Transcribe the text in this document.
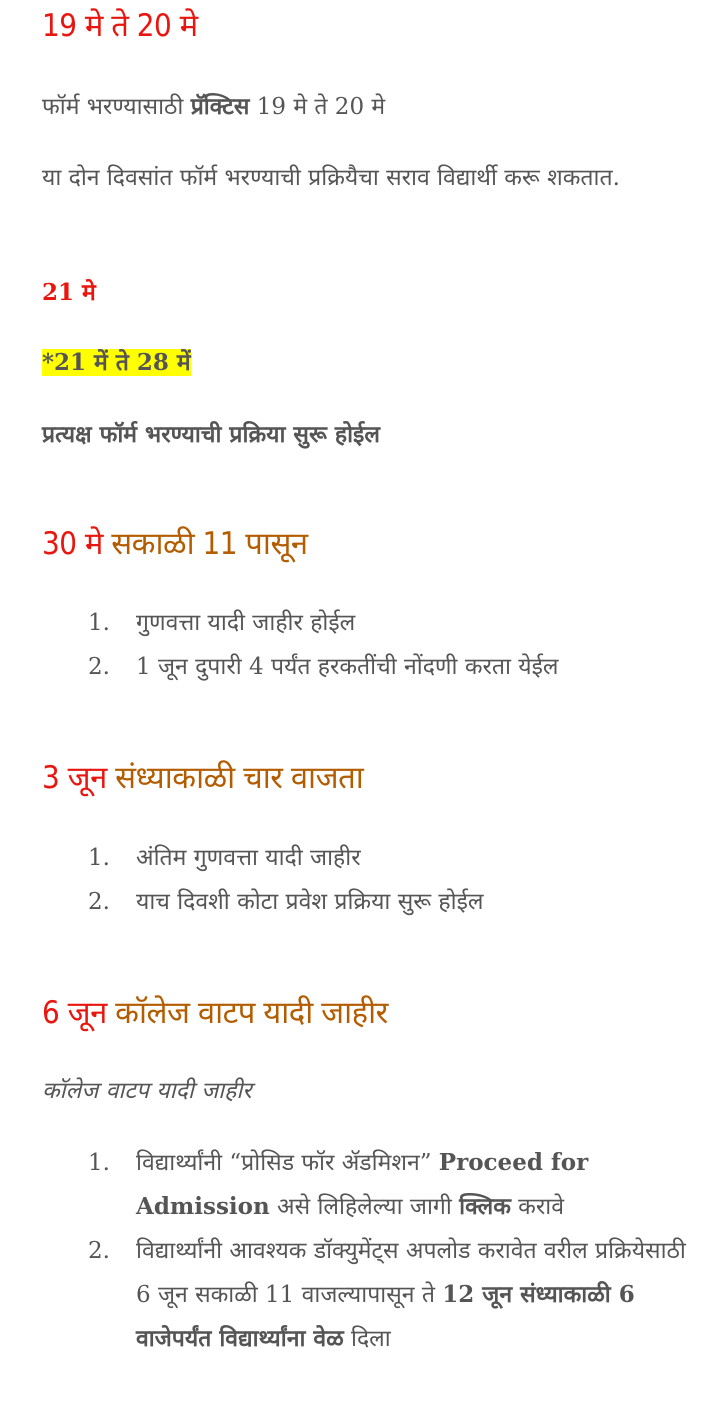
19 मे ते 20 मे
फॉर्म भरण्यासाठी प्रॅक्टिस 19 मे ते 20 मे
या दोन दिवसांत फॉर्म भरण्याची प्रक्रियैचा सराव विद्यार्थी करू शकतात.
21 मे
*21 में ते 28 में
प्रत्यक्ष फॉर्म भरण्याची प्रक्रिया सुरू होईल
30 मे सकाळी 11 पासून
1.	गुणवत्ता यादी जाहीर होईल
2.	1 जून दुपारी 4 पर्यंत हरकतींची नोंदणी करता येईल
3 जून संध्याकाळी चार वाजता
1.	अंतिम गुणवत्ता यादी जाहीर
2.	याच दिवशी कोटा प्रवेश प्रक्रिया सुरू होईल
6 जून कॉलेज वाटप यादी जाहीर
कॉलेज वाटप यादी जाहीर
1.	विद्यार्थ्यांनी “प्रोसिड फॉर ॲडमिशन” Proceed for Admission असे लिहिलेल्या जागी क्लिक करावे
2.	विद्यार्थ्यांनी आवश्यक डॉक्युमेंट्स अपलोड करावेत वरील प्रक्रियेसाठी 6 जून सकाळी 11 वाजल्यापासून ते 12 जून संध्याकाळी 6 वाजेपर्यंत विद्यार्थ्यांना वेळ दिला
